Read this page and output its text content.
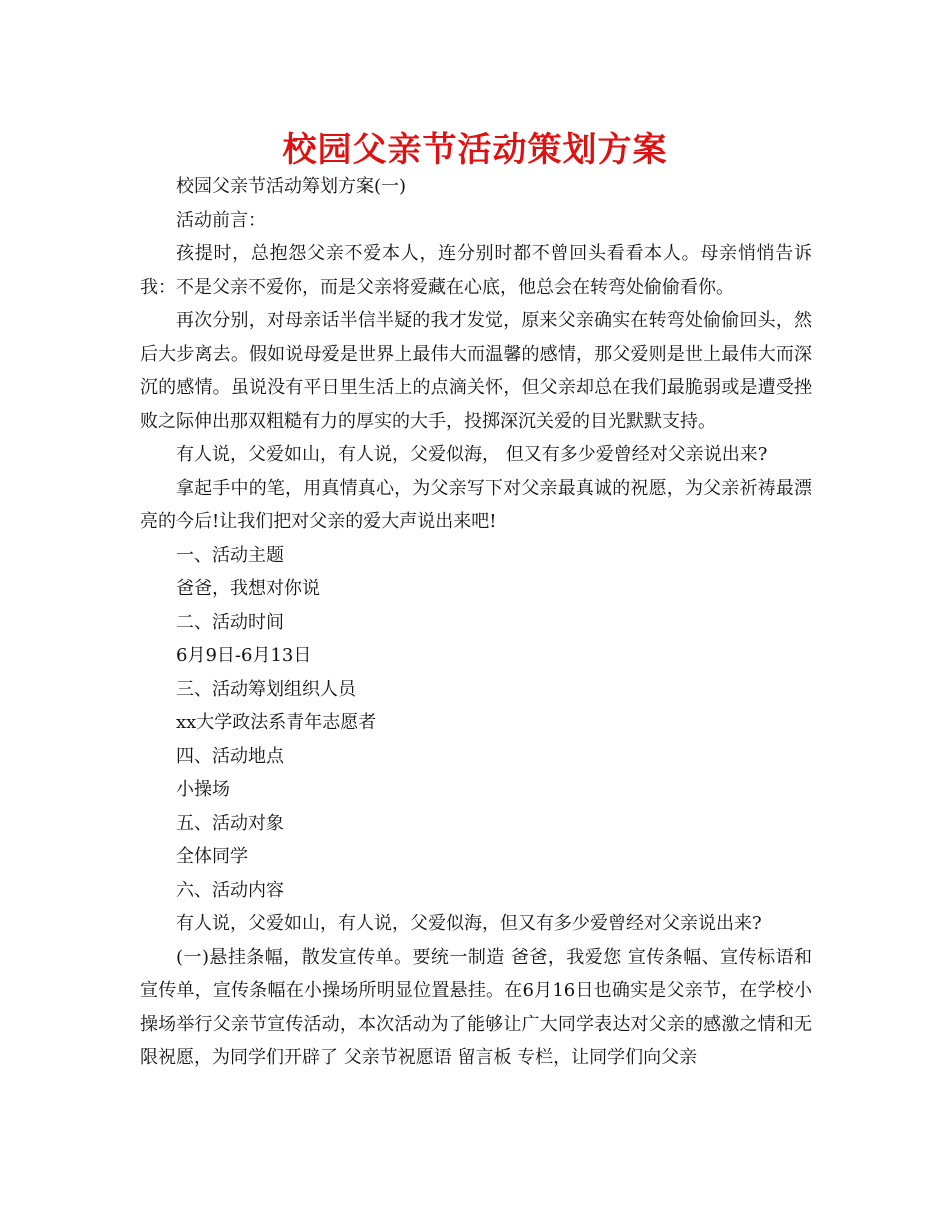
校园父亲节活动策划方案

校园父亲节活动筹划方案(一)

活动前言：

孩提时，总抱怨父亲不爱本人，连分别时都不曾回头看看本人。母亲悄悄告诉我：不是父亲不爱你，而是父亲将爱藏在心底，他总会在转弯处偷偷看你。

再次分别，对母亲话半信半疑的我才发觉，原来父亲确实在转弯处偷偷回头，然后大步离去。假如说母爱是世界上最伟大而温馨的感情，那父爱则是世上最伟大而深沉的感情。虽说没有平日里生活上的点滴关怀，但父亲却总在我们最脆弱或是遭受挫败之际伸出那双粗糙有力的厚实的大手，投掷深沉关爱的目光默默支持。

有人说，父爱如山，有人说，父爱似海， 但又有多少爱曾经对父亲说出来?

拿起手中的笔，用真情真心，为父亲写下对父亲最真诚的祝愿，为父亲祈祷最漂亮的今后!让我们把对父亲的爱大声说出来吧!

一、活动主题

爸爸，我想对你说

二、活动时间

6月9日-6月13日

三、活动筹划组织人员

xx大学政法系青年志愿者

四、活动地点

小操场

五、活动对象

全体同学

六、活动内容

有人说，父爱如山，有人说，父爱似海，但又有多少爱曾经对父亲说出来?

(一)悬挂条幅，散发宣传单。要统一制造 爸爸，我爱您 宣传条幅、宣传标语和宣传单，宣传条幅在小操场所明显位置悬挂。在6月16日也确实是父亲节，在学校小操场举行父亲节宣传活动，本次活动为了能够让广大同学表达对父亲的感激之情和无限祝愿，为同学们开辟了 父亲节祝愿语 留言板 专栏，让同学们向父亲
